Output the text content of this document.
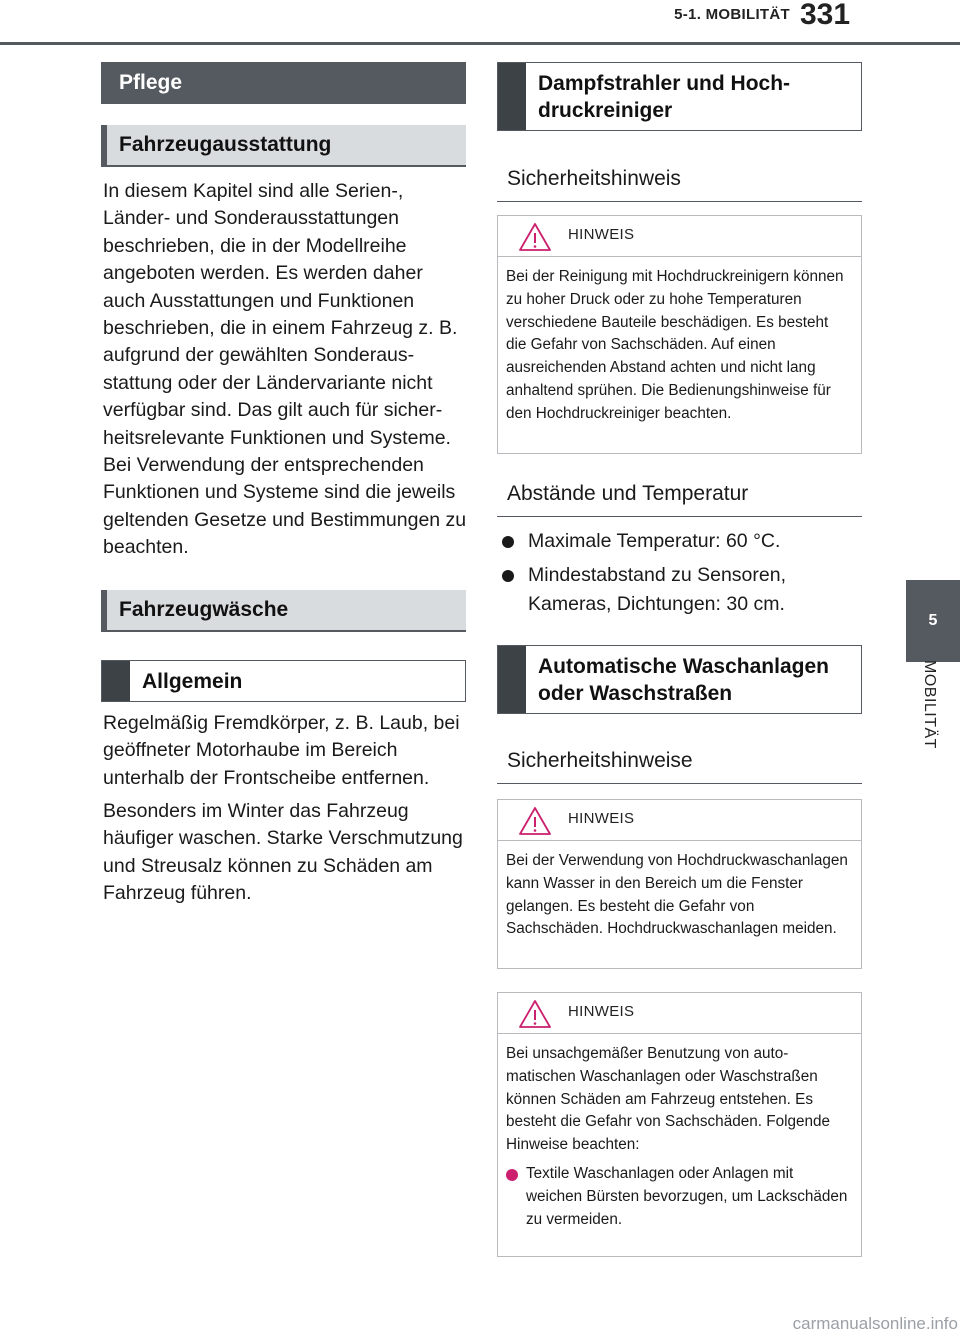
5-1. MOBILITÄT 331
5
MOBILITÄT
Pflege
Fahrzeugausstattung
In diesem Kapitel sind alle Serien-, Länder- und Sonderausstattungen beschrieben, die in der Modellreihe angeboten werden. Es werden daher auch Ausstattungen und Funktionen beschrieben, die in einem Fahrzeug z. B. aufgrund der gewählten Sonderausstattung oder der Ländervariante nicht verfügbar sind. Das gilt auch für sicherheitsrelevante Funktionen und Systeme. Bei Verwendung der entsprechenden Funktionen und Systeme sind die jeweils geltenden Gesetze und Bestimmungen zu beachten.
Fahrzeugwäsche
Allgemein
Regelmäßig Fremdkörper, z. B. Laub, bei geöffneter Motorhaube im Bereich unterhalb der Frontscheibe entfernen.
Besonders im Winter das Fahrzeug häufiger waschen. Starke Verschmutzung und Streusalz können zu Schäden am Fahrzeug führen.
Dampfstrahler und Hochdruckreiniger
Sicherheitshinweis
HINWEIS
Bei der Reinigung mit Hochdruckreinigern können zu hoher Druck oder zu hohe Temperaturen verschiedene Bauteile beschädigen. Es besteht die Gefahr von Sachschäden. Auf einen ausreichenden Abstand achten und nicht lang anhaltend sprühen. Die Bedienungshinweise für den Hochdruckreiniger beachten.
Abstände und Temperatur
Maximale Temperatur: 60 °C.
Mindestabstand zu Sensoren, Kameras, Dichtungen: 30 cm.
Automatische Waschanlagen oder Waschstraßen
Sicherheitshinweise
HINWEIS
Bei der Verwendung von Hochdruckwaschanlagen kann Wasser in den Bereich um die Fenster gelangen. Es besteht die Gefahr von Sachschäden. Hochdruckwaschanlagen meiden.
HINWEIS
Bei unsachgemäßer Benutzung von automatischen Waschanlagen oder Waschstraßen können Schäden am Fahrzeug entstehen. Es besteht die Gefahr von Sachschäden. Folgende Hinweise beachten:
Textile Waschanlagen oder Anlagen mit weichen Bürsten bevorzugen, um Lackschäden zu vermeiden.
carmanualsonline.info
